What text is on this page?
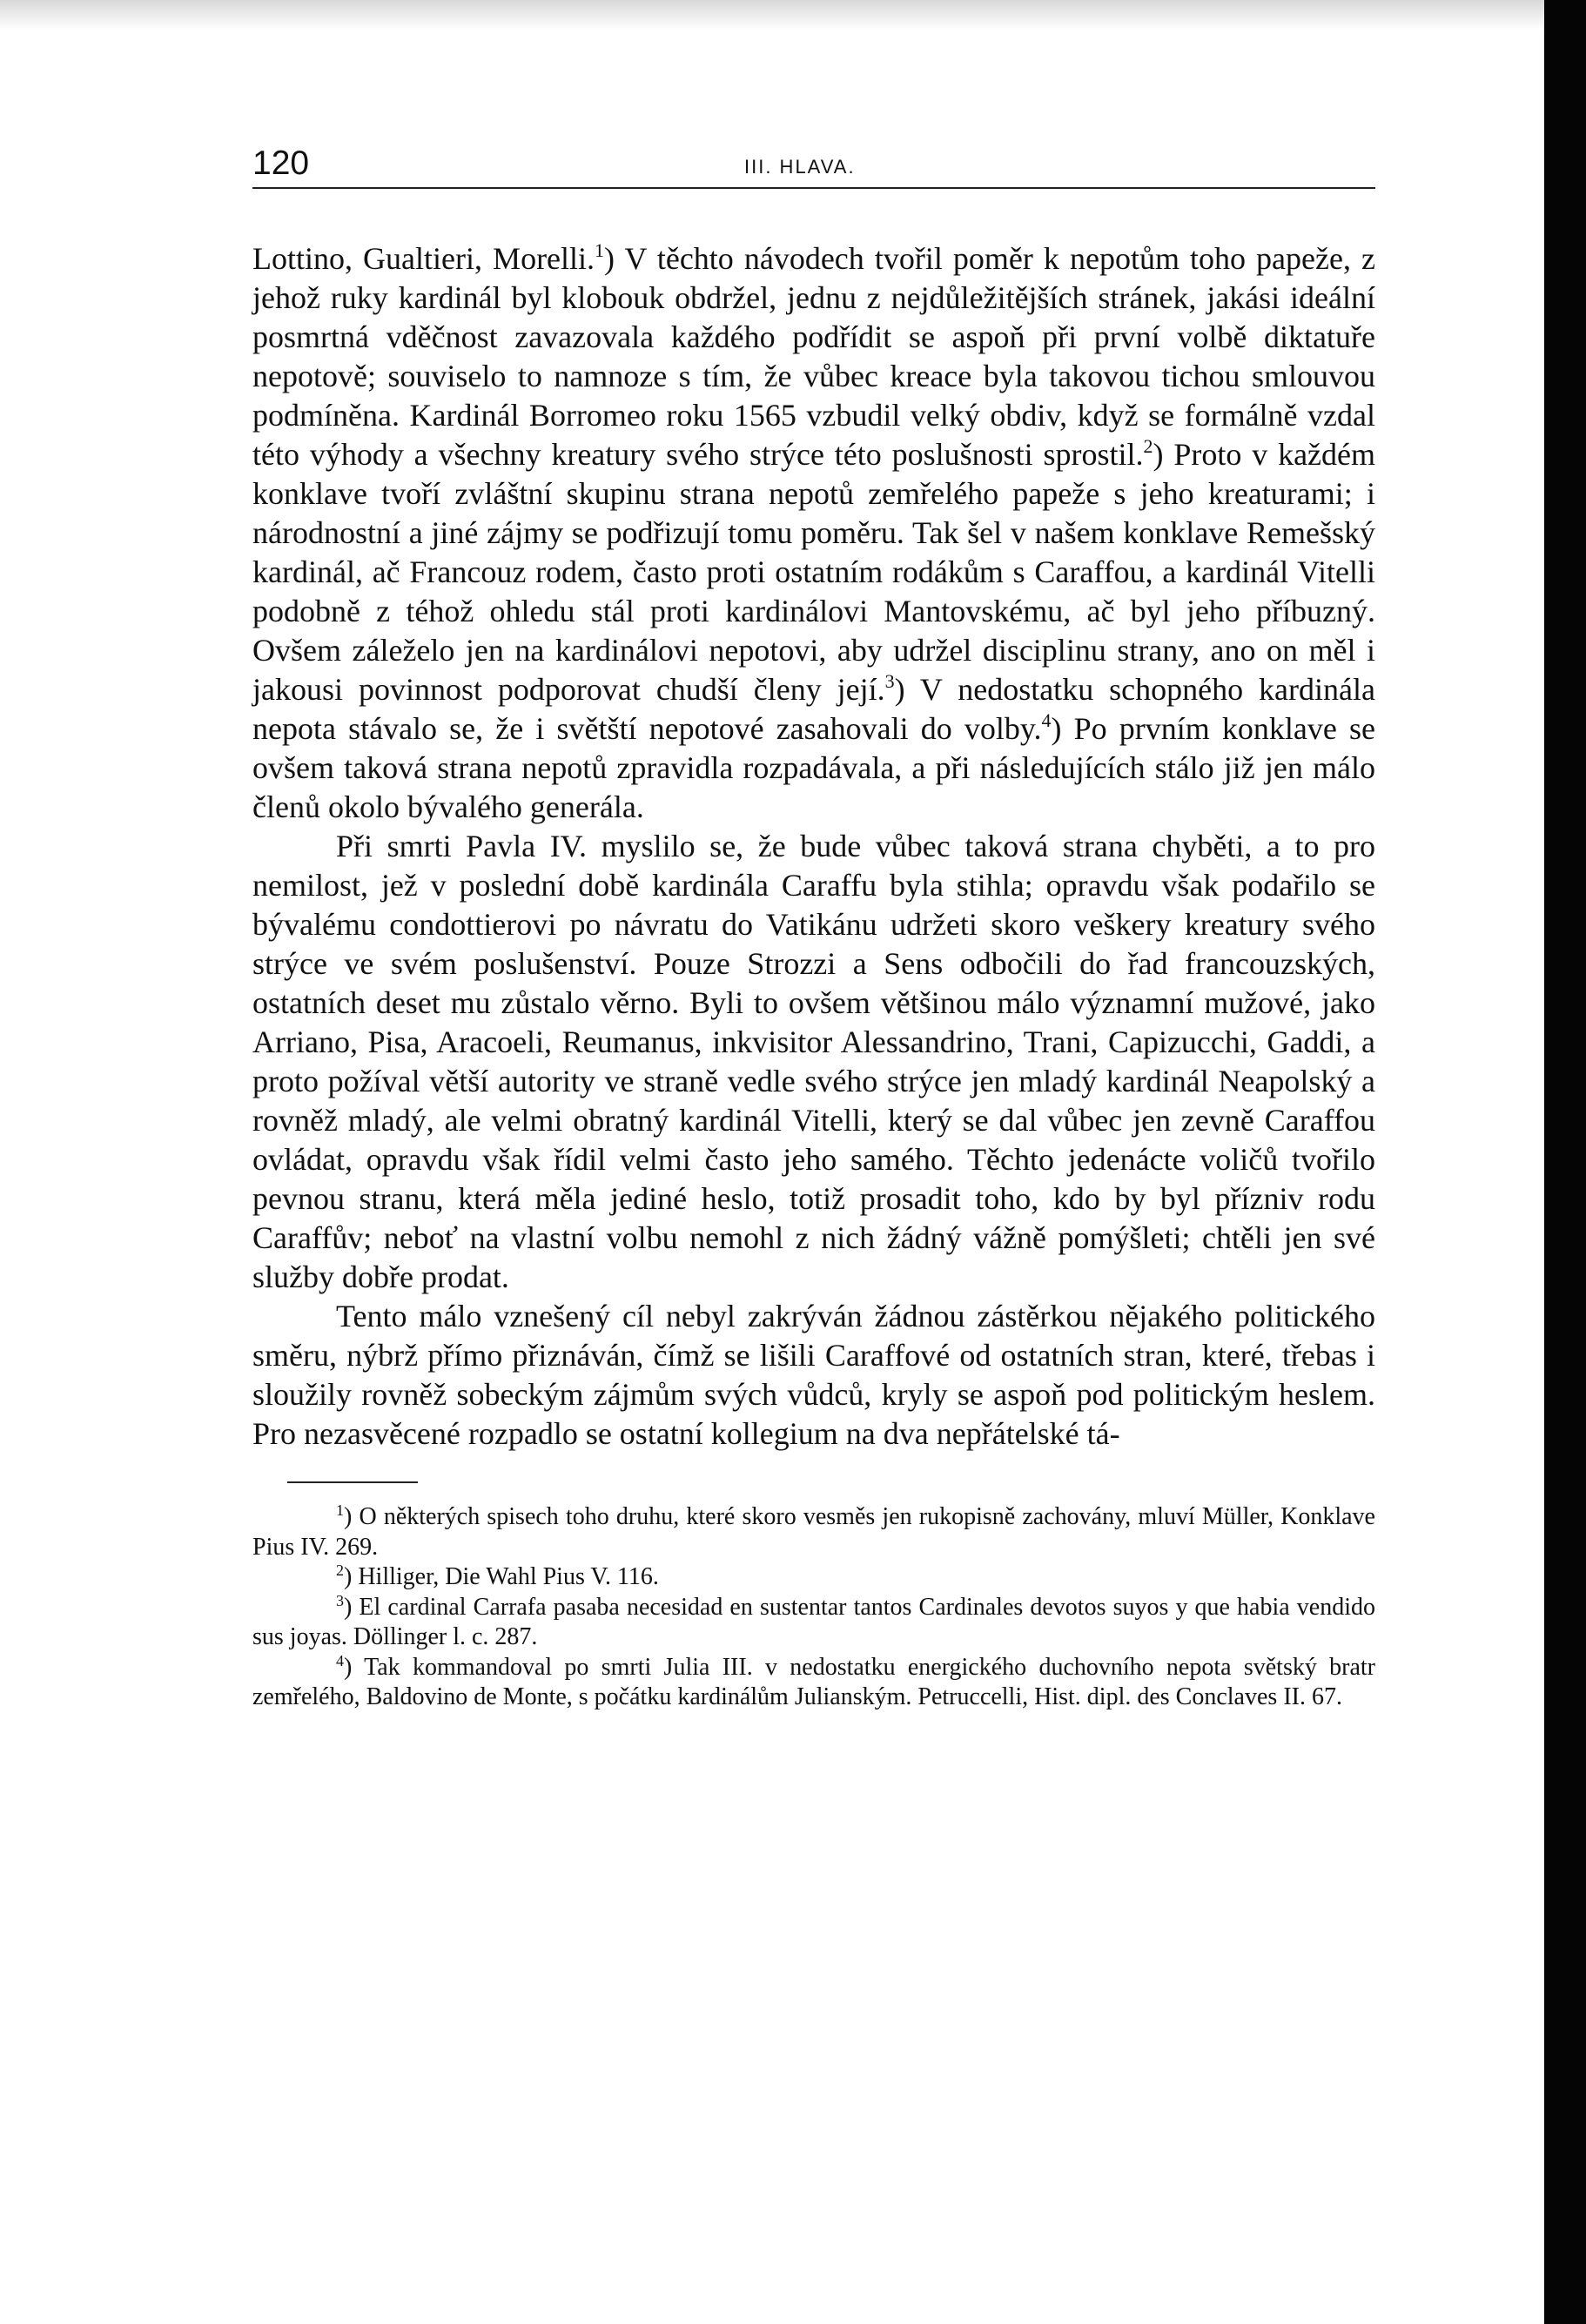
120	III. HLAVA.

Lottino, Gualtieri, Morelli.$^1$) V těchto návodech tvořil poměr k nepotům toho papeže, z jehož ruky kardinál byl klobouk obdržel, jednu z nejdůležitějších stránek, jakási ideální posmrtná vděčnost zavazovala každého podřídit se aspoň při první volbě diktatuře nepotově; souviselo to namnoze s tím, že vůbec kreace byla takovou tichou smlouvou podmíněna. Kardinál Borromeo roku 1565 vzbudil velký obdiv, když se formálně vzdal této výhody a všechny kreatury svého strýce této poslušnosti sprostil.$^2$) Proto v každém konklave tvoří zvláštní skupinu strana nepotů zemřelého papeže s jeho kreaturami; i národnostní a jiné zájmy se podřizují tomu poměru. Tak šel v našem konklave Remešský kardinál, ač Francouz rodem, často proti ostatním rodákům s Caraffou, a kardinál Vitelli podobně z téhož ohledu stál proti kardinálovi Mantovskému, ač byl jeho příbuzný. Ovšem záleželo jen na kardinálovi nepotovi, aby udržel disciplinu strany, ano on měl i jakousi povinnost podporovat chudší členy její.$^3$) V nedostatku schopného kardinála nepota stávalo se, že i světští nepotové zasahovali do volby.$^4$) Po prvním konklave se ovšem taková strana nepotů zpravidla rozpadávala, a při následujících stálo již jen málo členů okolo bývalého generála.

Při smrti Pavla IV. myslilo se, že bude vůbec taková strana chyběti, a to pro nemilost, jež v poslední době kardinála Caraffu byla stihla; opravdu však podařilo se bývalému condottierovi po návratu do Vatikánu udržeti skoro veškery kreatury svého strýce ve svém poslušenství. Pouze Strozzi a Sens odbočili do řad francouzských, ostatních deset mu zůstalo věrno. Byli to ovšem většinou málo významní mužové, jako Arriano, Pisa, Aracoeli, Reumanus, inkvisitor Alessandrino, Trani, Capizucchi, Gaddi, a proto požíval větší autority ve straně vedle svého strýce jen mladý kardinál Neapolský a rovněž mladý, ale velmi obratný kardinál Vitelli, který se dal vůbec jen zevně Caraffou ovládat, opravdu však řídil velmi často jeho samého. Těchto jedenácte voličů tvořilo pevnou stranu, která měla jediné heslo, totiž prosadit toho, kdo by byl přízniv rodu Caraffův; neboť na vlastní volbu nemohl z nich žádný vážně pomýšleti; chtěli jen své služby dobře prodat.

Tento málo vznešený cíl nebyl zakrýván žádnou zástěrkou nějakého politického směru, nýbrž přímo přiznáván, čímž se lišili Caraffové od ostatních stran, které, třebas i sloužily rovněž sobeckým zájmům svých vůdců, kryly se aspoň pod politickým heslem. Pro nezasvěcené rozpadlo se ostatní kollegium na dva nepřátelské tá-

$^1$) O některých spisech toho druhu, které skoro vesměs jen rukopisně zachovány, mluví Müller, Konklave Pius IV. 269.

$^2$) Hilliger, Die Wahl Pius V. 116.

$^3$) El cardinal Carrafa pasaba necesidad en sustentar tantos Cardinales devotos suyos y que habia vendido sus joyas. Döllinger l. c. 287.

$^4$) Tak kommandoval po smrti Julia III. v nedostatku energického duchovního nepota světský bratr zemřelého, Baldovino de Monte, s počátku kardinálům Julianským. Petruccelli, Hist. dipl. des Conclaves II. 67.
